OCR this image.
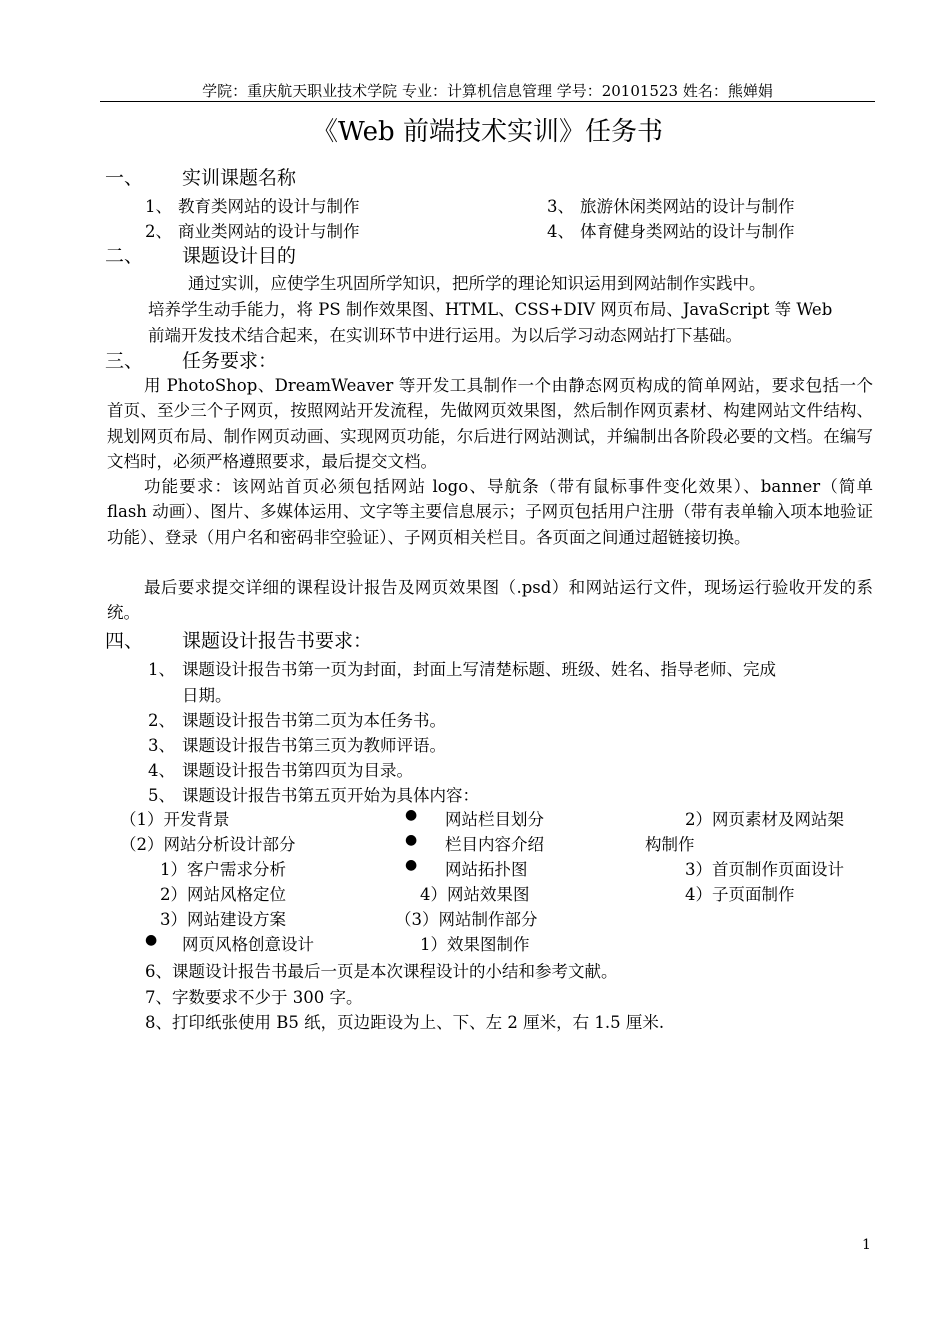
学院：重庆航天职业技术学院 专业：计算机信息管理 学号：20101523 姓名：熊婵娟
《Web 前端技术实训》任务书
一、 实训课题名称
1、 教育类网站的设计与制作
2、 商业类网站的设计与制作
3、 旅游休闲类网站的设计与制作
4、 体育健身类网站的设计与制作
二、 课题设计目的
通过实训，应使学生巩固所学知识，把所学的理论知识运用到网站制作实践中。
培养学生动手能力，将 PS 制作效果图、HTML、CSS+DIV 网页布局、JavaScript 等 Web
前端开发技术结合起来，在实训环节中进行运用。为以后学习动态网站打下基础。
三、 任务要求：
用 PhotoShop、DreamWeaver 等开发工具制作一个由静态网页构成的简单网站，要求包括一个首页、至少三个子网页，按照网站开发流程，先做网页效果图，然后制作网页素材、构建网站文件结构、规划网页布局、制作网页动画、实现网页功能，尔后进行网站测试，并编制出各阶段必要的文档。在编写文档时，必须严格遵照要求，最后提交文档。
功能要求：该网站首页必须包括网站 logo、导航条（带有鼠标事件变化效果）、banner（简单 flash 动画）、图片、多媒体运用、文字等主要信息展示；子网页包括用户注册（带有表单输入项本地验证功能）、登录（用户名和密码非空验证）、子网页相关栏目。各页面之间通过超链接切换。
最后要求提交详细的课程设计报告及网页效果图（.psd）和网站运行文件，现场运行验收开发的系统。
四、 课题设计报告书要求：
1、 课题设计报告书第一页为封面，封面上写清楚标题、班级、姓名、指导老师、完成
日期。
2、 课题设计报告书第二页为本任务书。
3、 课题设计报告书第三页为教师评语。
4、 课题设计报告书第四页为目录。
5、 课题设计报告书第五页开始为具体内容：
（1）开发背景
（2）网站分析设计部分
1）客户需求分析
2）网站风格定位
3）网站建设方案
● 网页风格创意设计
● 网站栏目划分
● 栏目内容介绍
● 网站拓扑图
4）网站效果图
（3）网站制作部分
1）效果图制作
2）网页素材及网站架
构制作
3）首页制作页面设计
4）子页面制作
6、课题设计报告书最后一页是本次课程设计的小结和参考文献。
7、字数要求不少于 300 字。
8、打印纸张使用 B5 纸，页边距设为上、下、左 2 厘米，右 1.5 厘米.
1
